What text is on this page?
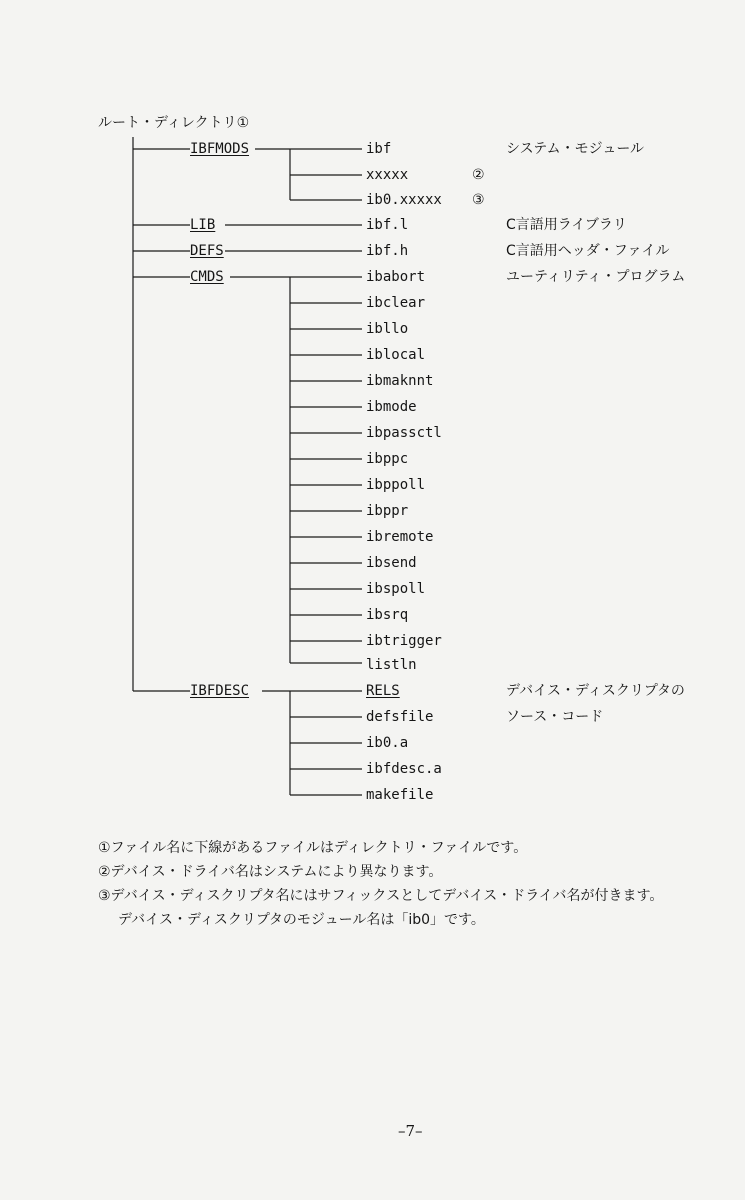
ルート・ディレクトリ①
IBFMODS
LIB
DEFS
CMDS
IBFDESC
ibf
xxxxx	②
ib0.xxxxx ③
ibf.l
ibf.h
ibabort
ibclear
ibllo
iblocal
ibmaknnt
ibmode
ibpassctl
ibppc
ibppoll
ibppr
ibremote
ibsend
ibspoll
ibsrq
ibtrigger
listln
RELS
defsfile
ib0.a
ibfdesc.a
makefile
システム・モジュール
C言語用ライブラリ
C言語用ヘッダ・ファイル
ユーティリティ・プログラム
デバイス・ディスクリプタの
ソース・コード
①ファイル名に下線があるファイルはディレクトリ・ファイルです。
②デバイス・ドライバ名はシステムにより異なります。
③デバイス・ディスクリプタ名にはサフィックスとしてデバイス・ドライバ名が付きます。
デバイス・ディスクリプタのモジュール名は「ib0」です。
–7–
